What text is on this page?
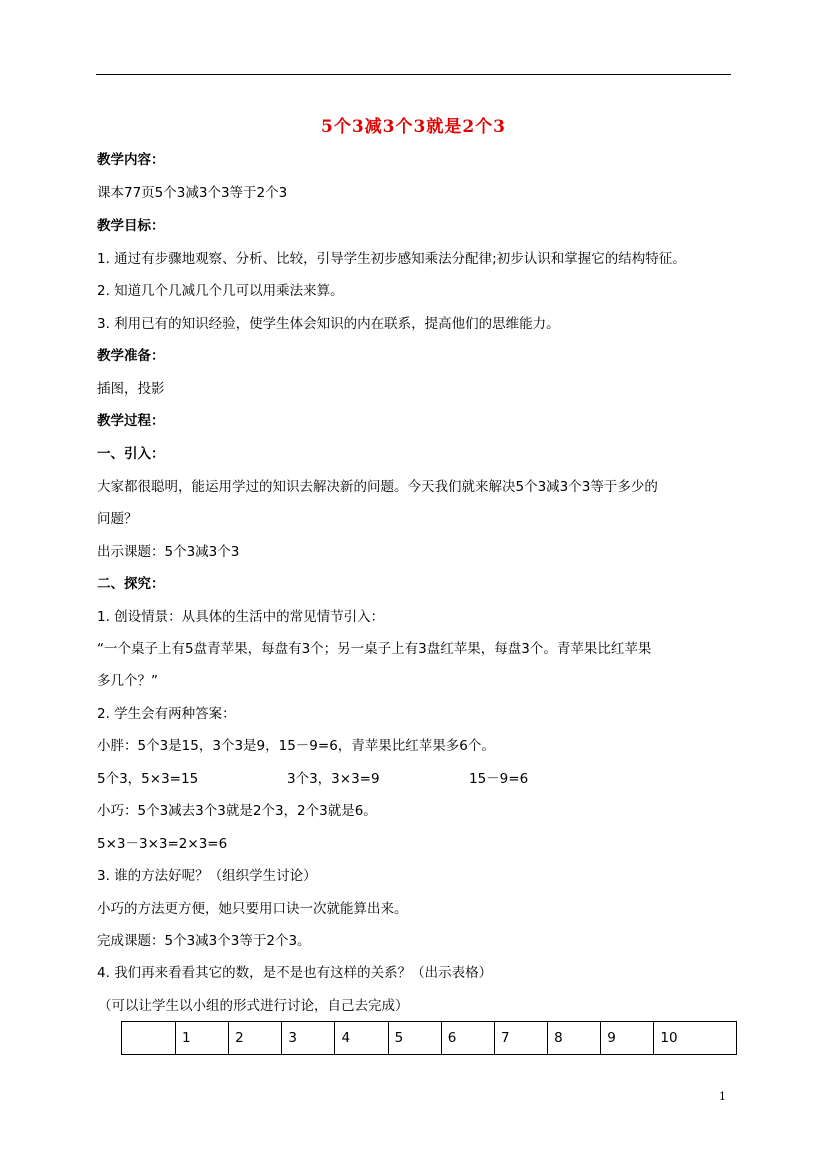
5个3减3个3就是2个3
教学内容：
课本77页5个3减3个3等于2个3
教学目标：
1. 通过有步骤地观察、分析、比较，引导学生初步感知乘法分配律;初步认识和掌握它的结构特征。
2. 知道几个几减几个几可以用乘法来算。
3. 利用已有的知识经验，使学生体会知识的内在联系，提高他们的思维能力。
教学准备：
插图，投影
教学过程：
一、引入：
大家都很聪明，能运用学过的知识去解决新的问题。今天我们就来解决5个3减3个3等于多少的
问题？
出示课题：5个3减3个3
二、探究：
1. 创设情景：从具体的生活中的常见情节引入：
“一个桌子上有5盘青苹果，每盘有3个；另一桌子上有3盘红苹果，每盘3个。青苹果比红苹果
多几个？”
2. 学生会有两种答案：
小胖：5个3是15，3个3是9，15－9=6，青苹果比红苹果多6个。
5个3，5×3=15	3个3，3×3=9	15－9=6
小巧：5个3减去3个3就是2个3，2个3就是6。
5×3－3×3=2×3=6
3. 谁的方法好呢？（组织学生讨论）
小巧的方法更方便，她只要用口诀一次就能算出来。
完成课题：5个3减3个3等于2个3。
4. 我们再来看看其它的数，是不是也有这样的关系？（出示表格）
（可以让学生以小组的形式进行讨论，自己去完成）
	1	2	3	4	5	6	7	8	9	10
1
